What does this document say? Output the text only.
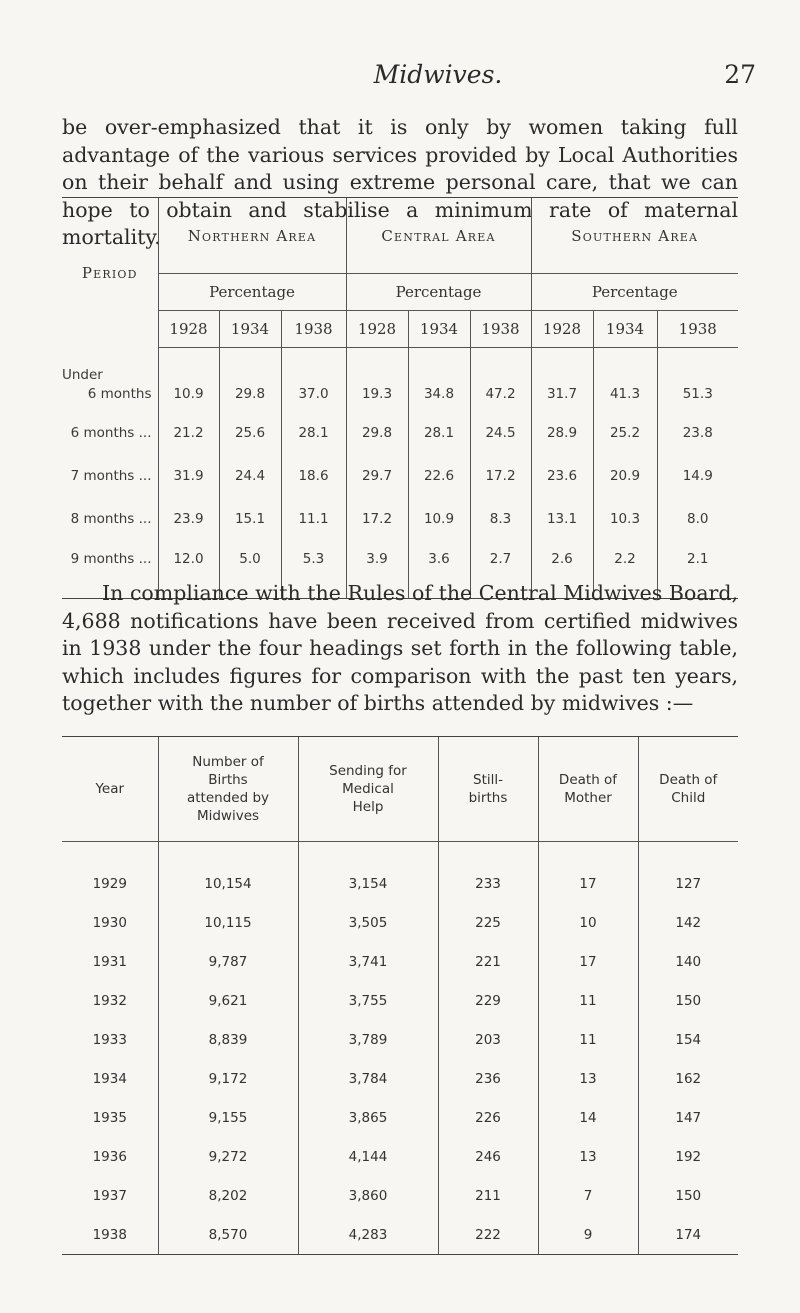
Midwives.	27

be over-emphasized that it is only by women taking full advantage of the various services provided by Local Authorities on their behalf and using extreme personal care, that we can hope to obtain and stabilise a minimum rate of maternal mortality.

Period	Northern Area			Central Area			Southern Area		
	Percentage			Percentage			Percentage		
	1928	1934	1938	1928	1934	1938	1928	1934	1938

Under
6 months	10.9	29.8	37.0	19.3	34.8	47.2	31.7	41.3	51.3
6 months ...	21.2	25.6	28.1	29.8	28.1	24.5	28.9	25.2	23.8
7 months ...	31.9	24.4	18.6	29.7	22.6	17.2	23.6	20.9	14.9
8 months ...	23.9	15.1	11.1	17.2	10.9	8.3	13.1	10.3	8.0
9 months ...	12.0	5.0	5.3	3.9	3.6	2.7	2.6	2.2	2.1

In compliance with the Rules of the Central Midwives Board, 4,688 notifications have been received from certified midwives in 1938 under the four headings set forth in the following table, which includes figures for comparison with the past ten years, together with the number of births attended by midwives :—

Year	Number of
Births
attended by
Midwives	Sending for
Medical
Help	Still-
births	Death of
Mother	Death of
Child
1929	10,154	3,154	233	17	127
1930	10,115	3,505	225	10	142
1931	9,787	3,741	221	17	140
1932	9,621	3,755	229	11	150
1933	8,839	3,789	203	11	154
1934	9,172	3,784	236	13	162
1935	9,155	3,865	226	14	147
1936	9,272	4,144	246	13	192
1937	8,202	3,860	211	7	150
1938	8,570	4,283	222	9	174
